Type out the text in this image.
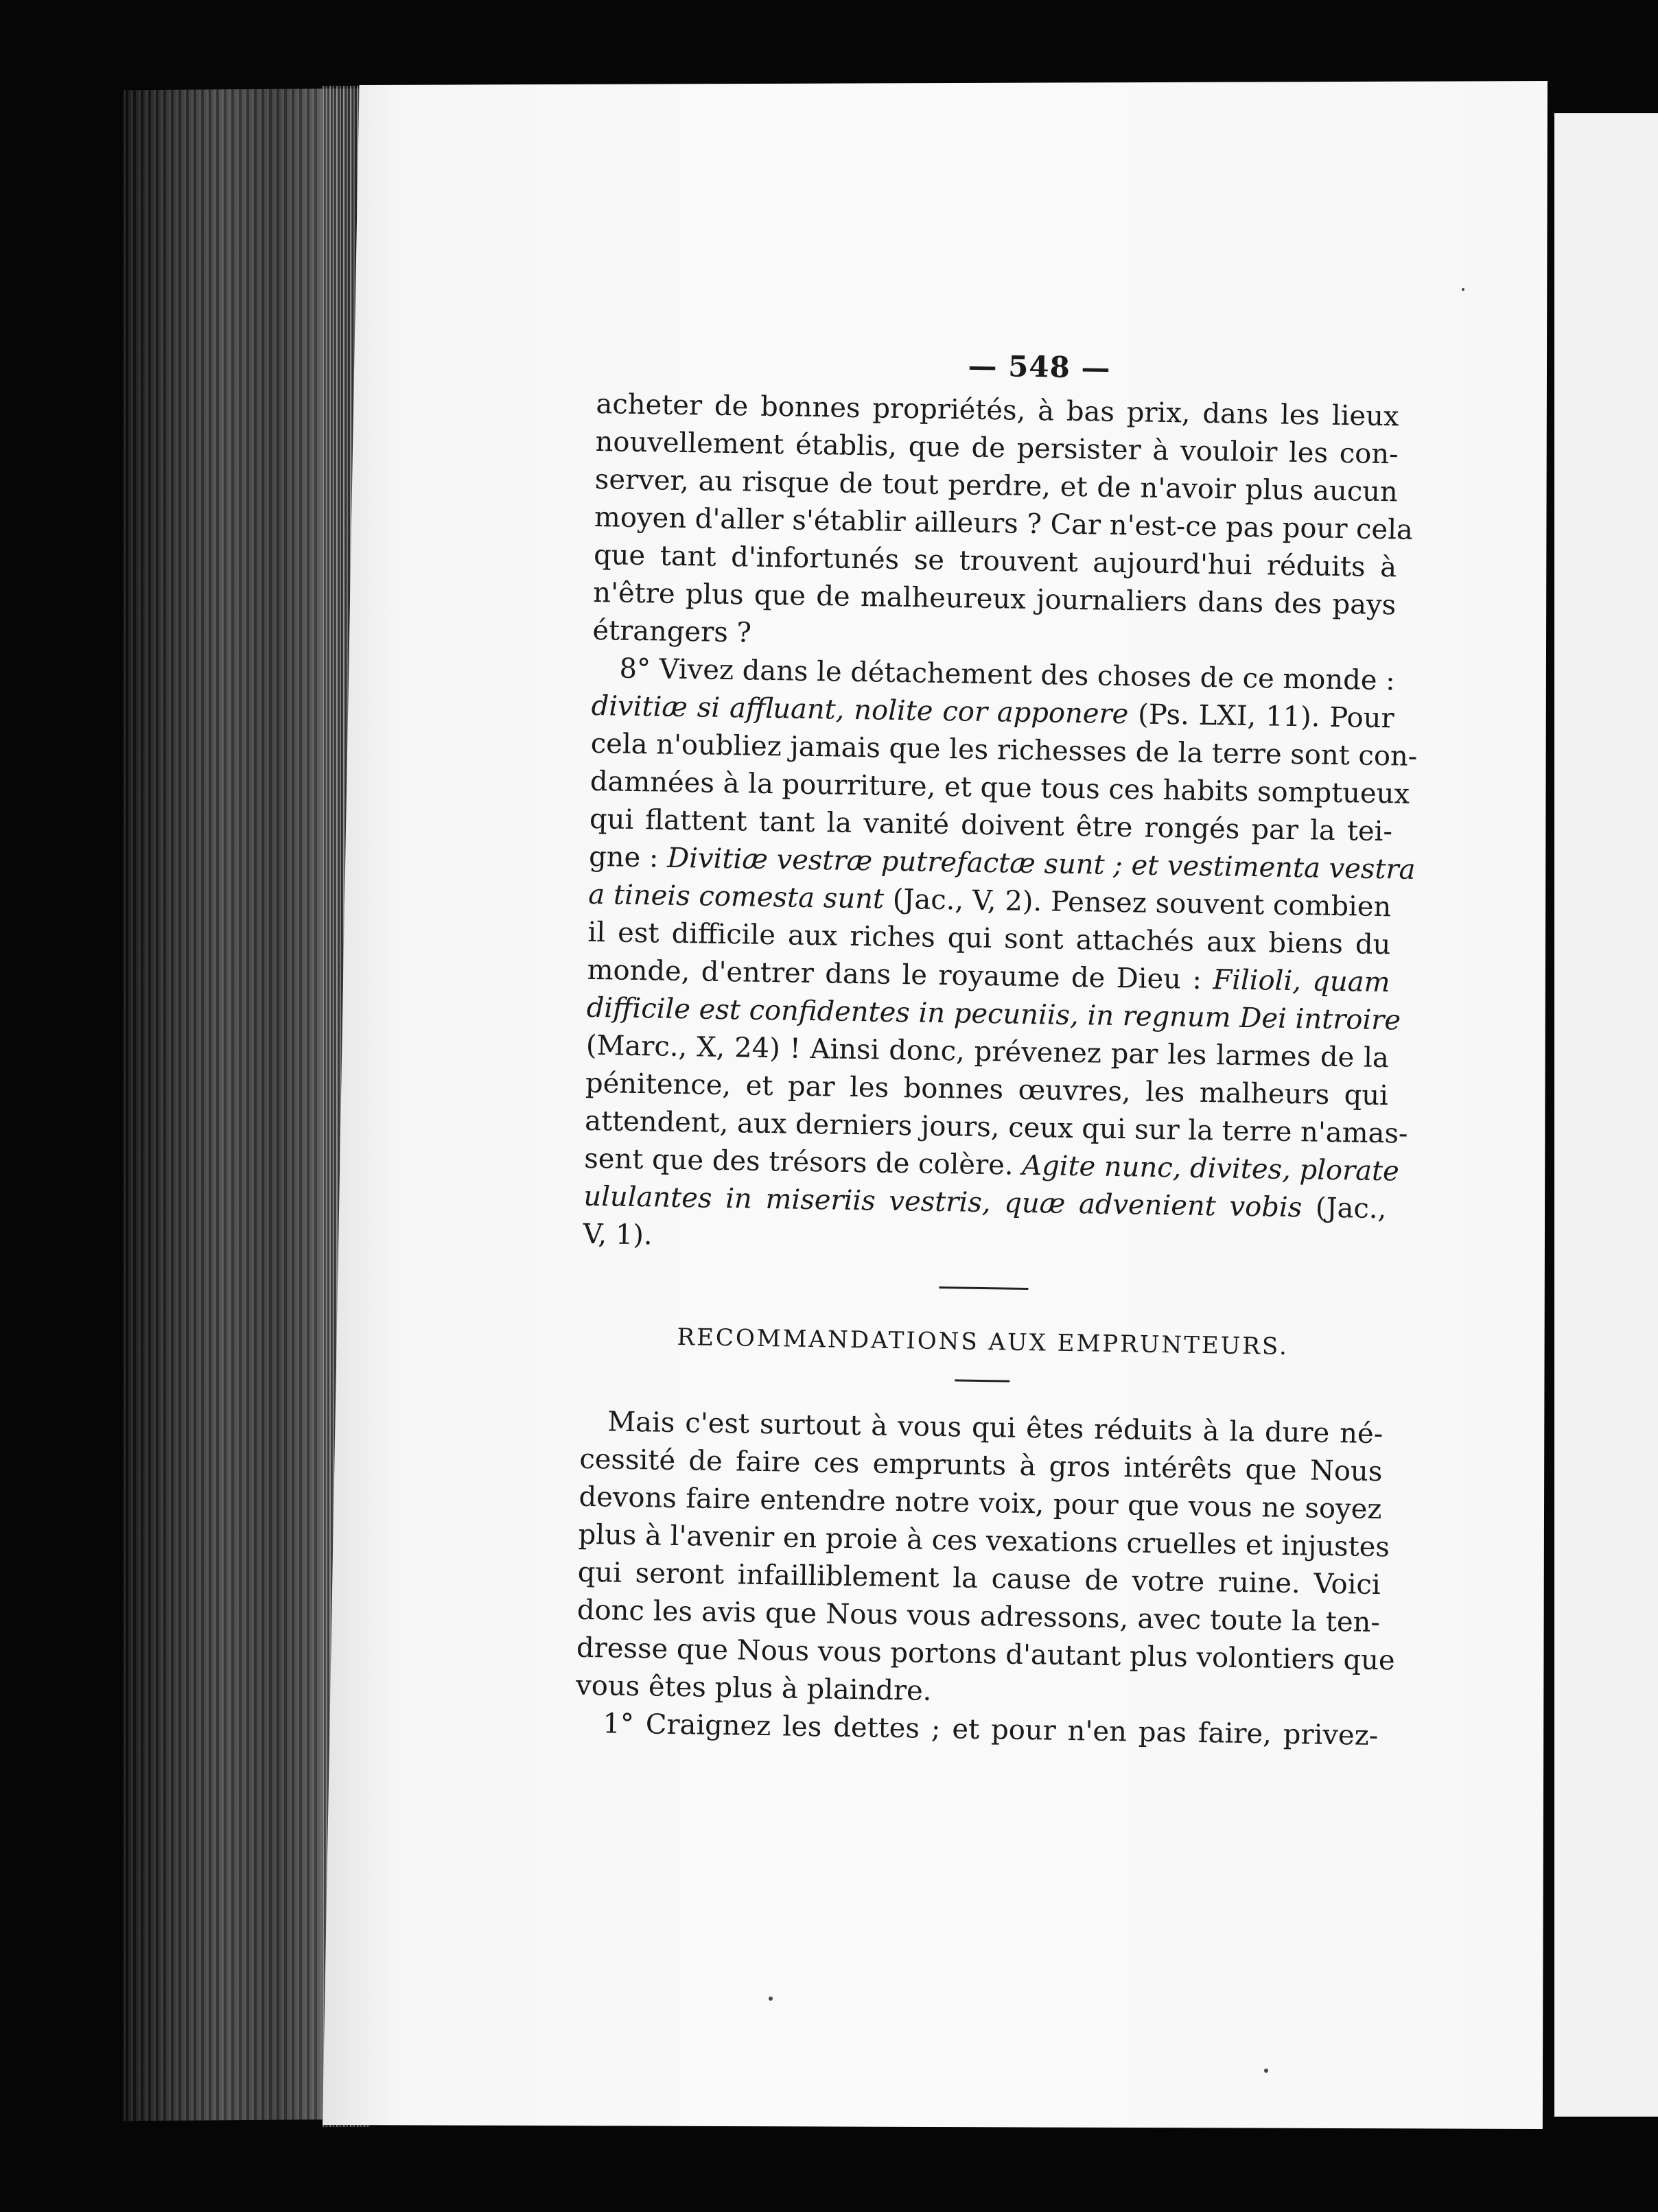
— 548 —
acheter de bonnes propriétés, à bas prix, dans les lieux
nouvellement établis, que de persister à vouloir les con-
server, au risque de tout perdre, et de n'avoir plus aucun
moyen d'aller s'établir ailleurs ? Car n'est-ce pas pour cela
que tant d'infortunés se trouvent aujourd'hui réduits à
n'être plus que de malheureux journaliers dans des pays
étrangers ?
8° Vivez dans le détachement des choses de ce monde :
divitiæ si affluant, nolite cor apponere (Ps. LXI, 11). Pour
cela n'oubliez jamais que les richesses de la terre sont con-
damnées à la pourriture, et que tous ces habits somptueux
qui flattent tant la vanité doivent être rongés par la tei-
gne : Divitiæ vestræ putrefactæ sunt ; et vestimenta vestra
a tineis comesta sunt (Jac., V, 2). Pensez souvent combien
il est difficile aux riches qui sont attachés aux biens du
monde, d'entrer dans le royaume de Dieu : Filioli, quam
difficile est confidentes in pecuniis, in regnum Dei introire
(Marc., X, 24) ! Ainsi donc, prévenez par les larmes de la
pénitence, et par les bonnes œuvres, les malheurs qui
attendent, aux derniers jours, ceux qui sur la terre n'amas-
sent que des trésors de colère. Agite nunc, divites, plorate
ululantes in miseriis vestris, quæ advenient vobis (Jac.,
V, 1).
RECOMMANDATIONS AUX EMPRUNTEURS.
Mais c'est surtout à vous qui êtes réduits à la dure né-
cessité de faire ces emprunts à gros intérêts que Nous
devons faire entendre notre voix, pour que vous ne soyez
plus à l'avenir en proie à ces vexations cruelles et injustes
qui seront infailliblement la cause de votre ruine. Voici
donc les avis que Nous vous adressons, avec toute la ten-
dresse que Nous vous portons d'autant plus volontiers que
vous êtes plus à plaindre.
1° Craignez les dettes ; et pour n'en pas faire, privez-
